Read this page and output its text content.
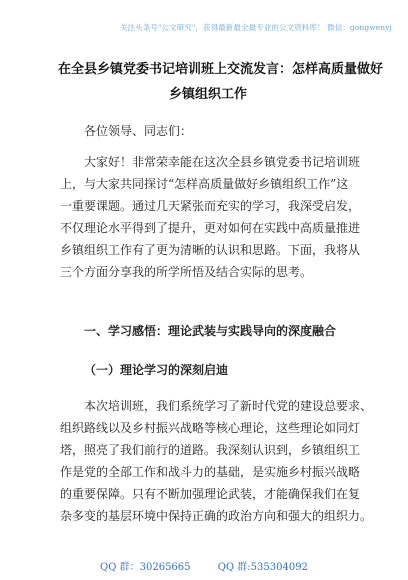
关注头条号"公文研究"，获得最新最全最专业的公文资料库！ 微信：gongwenyj
在全县乡镇党委书记培训班上交流发言：怎样高质量做好
乡镇组织工作
各位领导、同志们：
大家好！非常荣幸能在这次全县乡镇党委书记培训班
上，与大家共同探讨“怎样高质量做好乡镇组织工作”这
一重要课题。通过几天紧张而充实的学习，我深受启发，
不仅理论水平得到了提升，更对如何在实践中高质量推进
乡镇组织工作有了更为清晰的认识和思路。下面，我将从
三个方面分享我的所学所悟及结合实际的思考。
一、学习感悟：理论武装与实践导向的深度融合
（一）理论学习的深刻启迪
本次培训班，我们系统学习了新时代党的建设总要求、
组织路线以及乡村振兴战略等核心理论，这些理论如同灯
塔，照亮了我们前行的道路。我深刻认识到，乡镇组织工
作是党的全部工作和战斗力的基础，是实施乡村振兴战略
的重要保障。只有不断加强理论武装，才能确保我们在复
杂多变的基层环境中保持正确的政治方向和强大的组织力。
QQ 群：30265665	QQ 群:535304092
